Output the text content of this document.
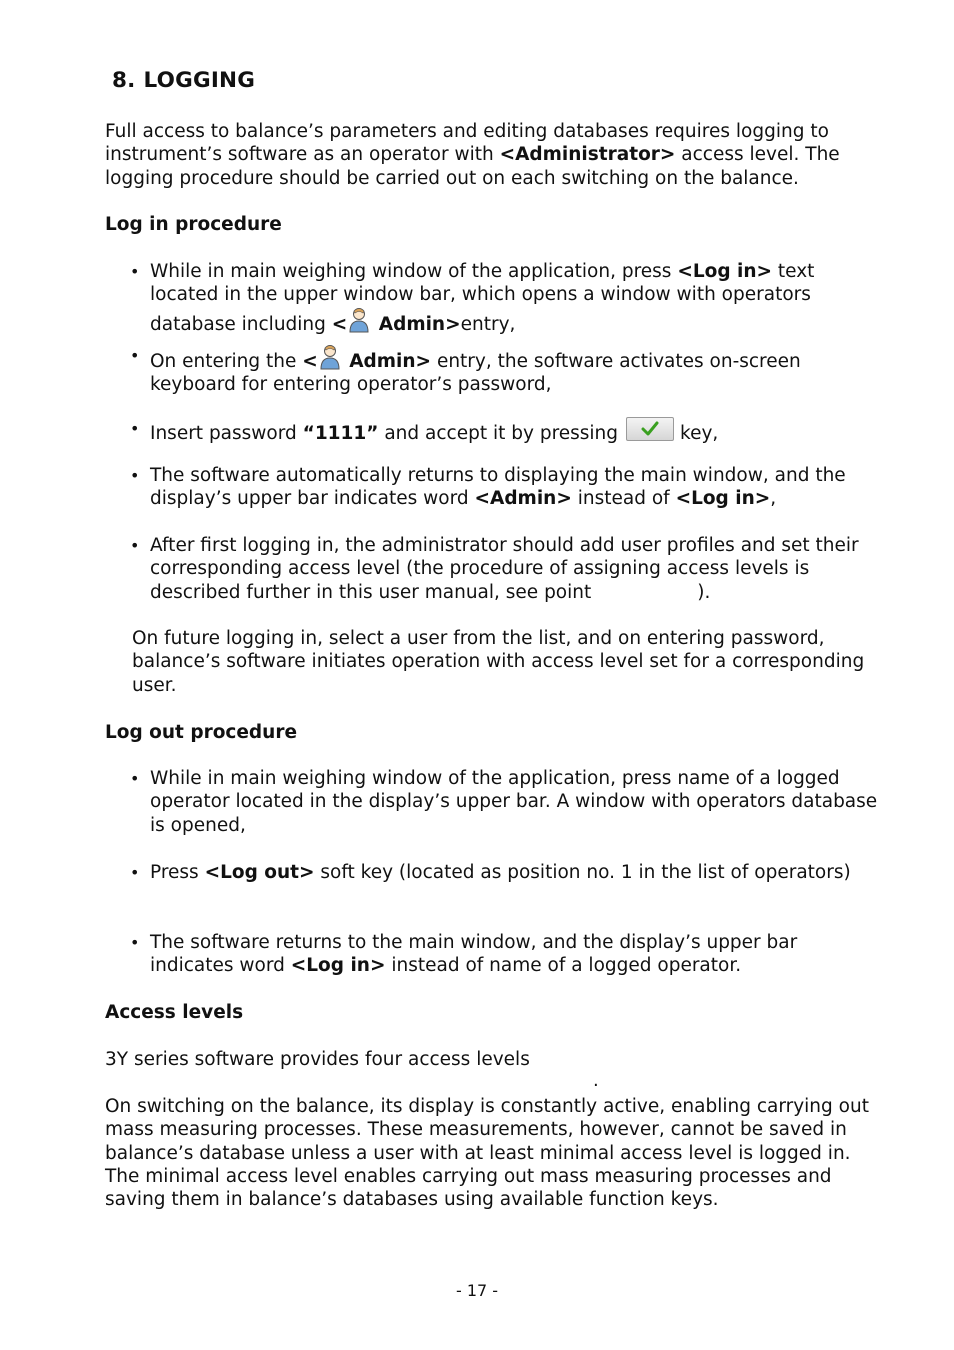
8. LOGGING

Full access to balance’s parameters and editing databases requires logging to instrument’s software as an operator with <Administrator> access level. The logging procedure should be carried out on each switching on the balance.

Log in procedure

• While in main weighing window of the application, press <Log in> text located in the upper window bar, which opens a window with operators database including < Admin>entry,

• On entering the < Admin> entry, the software activates on-screen keyboard for entering operator’s password,

• Insert password “1111” and accept it by pressing	key,

• The software automatically returns to displaying the main window, and the display’s upper bar indicates word <Admin> instead of <Log in>,

• After first logging in, the administrator should add user profiles and set their corresponding access level (the procedure of assigning access levels is described further in this user manual, see point	).

On future logging in, select a user from the list, and on entering password, balance’s software initiates operation with access level set for a corresponding user.

Log out procedure

• While in main weighing window of the application, press name of a logged operator located in the display’s upper bar. A window with operators database is opened,

• Press <Log out> soft key (located as position no. 1 in the list of operators)

• The software returns to the main window, and the display’s upper bar indicates word <Log in> instead of name of a logged operator.

Access levels

3Y series software provides four access levels

.

On switching on the balance, its display is constantly active, enabling carrying out mass measuring processes. These measurements, however, cannot be saved in balance’s database unless a user with at least minimal access level is logged in. The minimal access level enables carrying out mass measuring processes and saving them in balance’s databases using available function keys.

- 17 -
